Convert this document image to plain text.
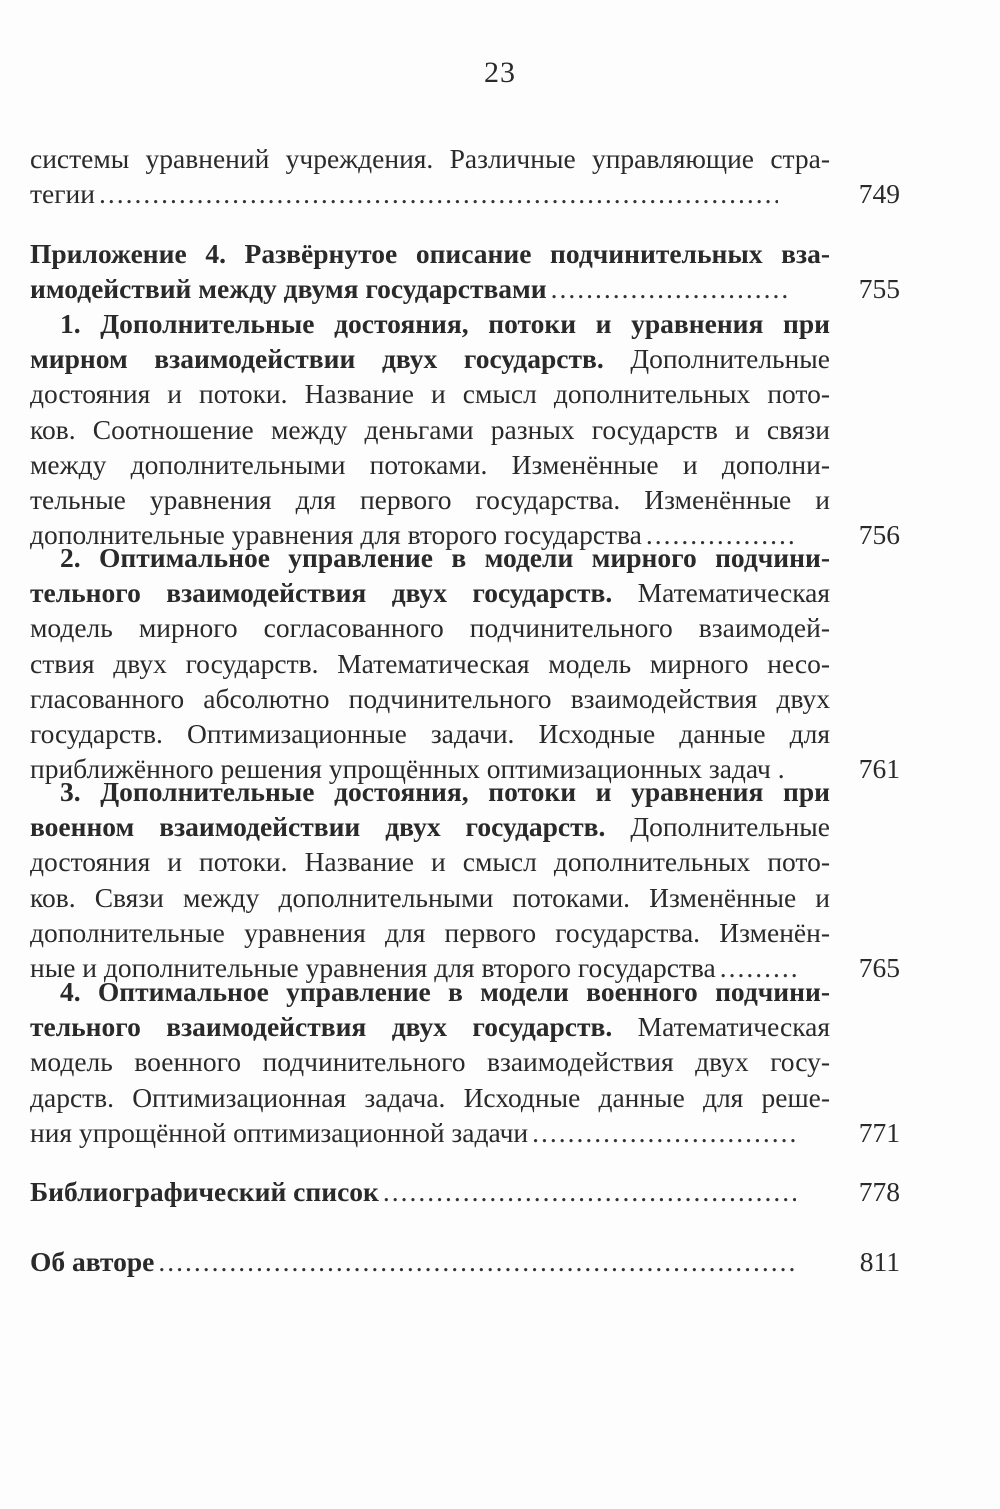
23
системы уравнений учреждения. Различные управляющие стра-
тегии .....	749
Приложение 4. Развёрнутое описание подчинительных вза-
имодействий между двумя государствами .....	755
1. Дополнительные достояния, потоки и уравнения при
мирном взаимодействии двух государств. Дополнительные
достояния и потоки. Название и смысл дополнительных пото-
ков. Соотношение между деньгами разных государств и связи
между дополнительными потоками. Изменённые и дополни-
тельные уравнения для первого государства. Изменённые и
дополнительные уравнения для второго государства .....	756
2. Оптимальное управление в модели мирного подчини-
тельного взаимодействия двух государств. Математическая
модель мирного согласованного подчинительного взаимодей-
ствия двух государств. Математическая модель мирного несо-
гласованного абсолютно подчинительного взаимодействия двух
государств. Оптимизационные задачи. Исходные данные для
приближённого решения упрощённых оптимизационных задач .	761
3. Дополнительные достояния, потоки и уравнения при
военном взаимодействии двух государств. Дополнительные
достояния и потоки. Название и смысл дополнительных пото-
ков. Связи между дополнительными потоками. Изменённые и
дополнительные уравнения для первого государства. Изменён-
ные и дополнительные уравнения для второго государства .....	765
4. Оптимальное управление в модели военного подчини-
тельного взаимодействия двух государств. Математическая
модель военного подчинительного взаимодействия двух госу-
дарств. Оптимизационная задача. Исходные данные для реше-
ния упрощённой оптимизационной задачи .....	771
Библиографический список .....	778
Об авторе .....	811
